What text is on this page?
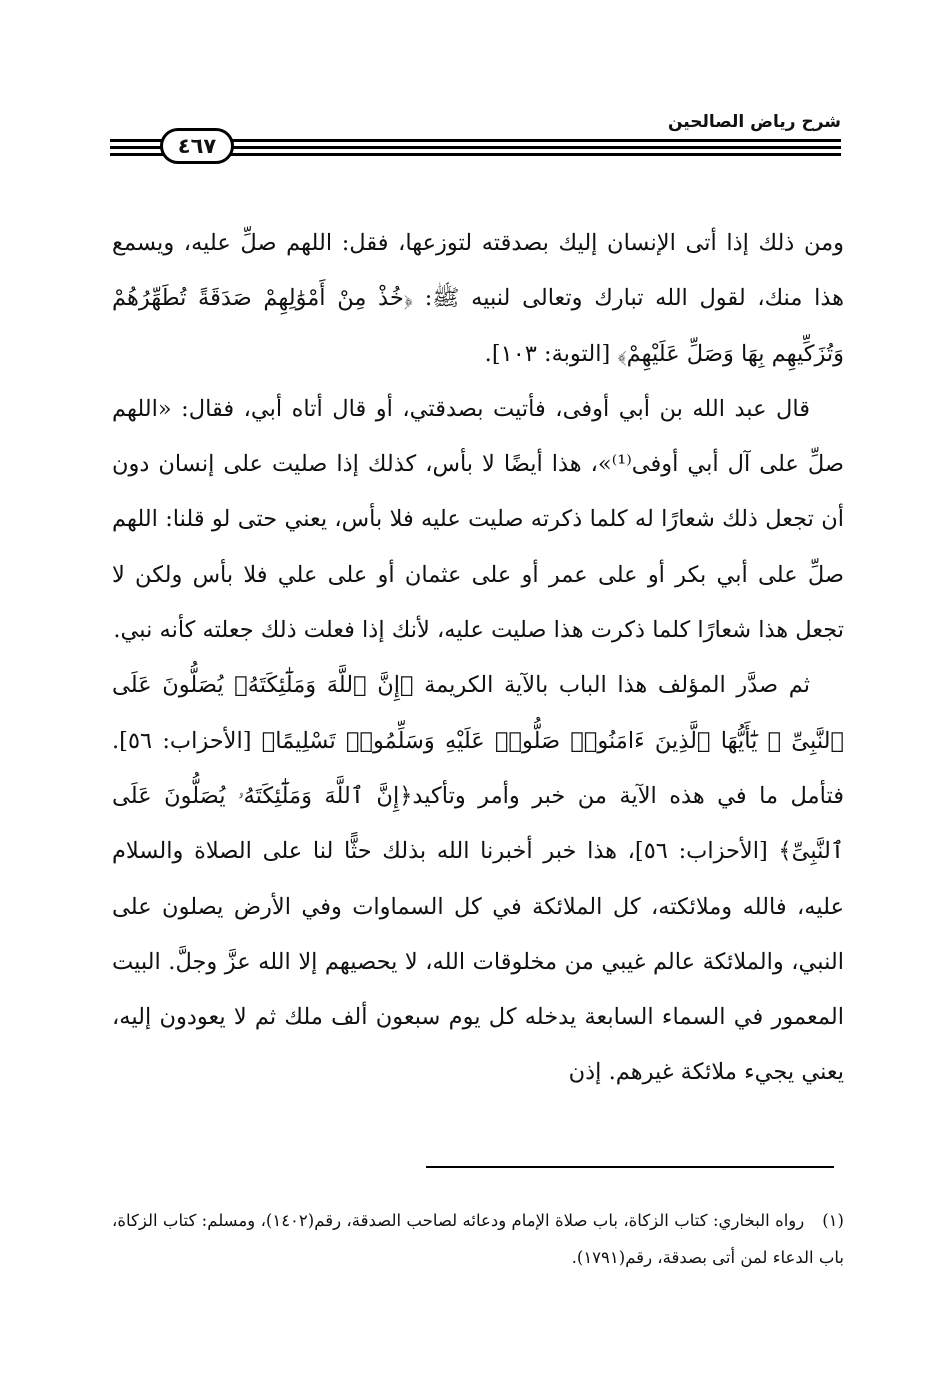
شرح رياض الصالحين
٤٦٧

ومن ذلك إذا أتى الإنسان إليك بصدقته لتوزعها، فقل: اللهم صلِّ عليه، ويسمع هذا منك، لقول الله تبارك وتعالى لنبيه ﷺ: ﴿خُذْ مِنْ أَمْوَٰلِهِمْ صَدَقَةً تُطَهِّرُهُمْ وَتُزَكِّيهِم بِهَا وَصَلِّ عَلَيْهِمْ﴾ [التوبة: ١٠٣].

قال عبد الله بن أبي أوفى، فأتيت بصدقتي، أو قال أتاه أبي، فقال: «اللهم صلِّ على آل أبي أوفى⁽¹⁾»، هذا أيضًا لا بأس، كذلك إذا صليت على إنسان دون أن تجعل ذلك شعارًا له كلما ذكرته صليت عليه فلا بأس، يعني حتى لو قلنا: اللهم صلِّ على أبي بكر أو على عمر أو على عثمان أو على علي فلا بأس ولكن لا تجعل هذا شعارًا كلما ذكرت هذا صليت عليه، لأنك إذا فعلت ذلك جعلته كأنه نبي.

ثم صدَّر المؤلف هذا الباب بالآية الكريمة ﴿إِنَّ ٱللَّهَ وَمَلَٰٓئِكَتَهُۥ يُصَلُّونَ عَلَى ٱلنَّبِىِّ ۚ يَٰٓأَيُّهَا ٱلَّذِينَ ءَامَنُوا۟ صَلُّوا۟ عَلَيْهِ وَسَلِّمُوا۟ تَسْلِيمًا﴾ [الأحزاب: ٥٦]. فتأمل ما في هذه الآية من خبر وأمر وتأكيد﴿إِنَّ ٱللَّهَ وَمَلَٰٓئِكَتَهُۥ يُصَلُّونَ عَلَى ٱلنَّبِىِّ﴾ [الأحزاب: ٥٦]، هذا خبر أخبرنا الله بذلك حثًّا لنا على الصلاة والسلام عليه، فالله وملائكته، كل الملائكة في كل السماوات وفي الأرض يصلون على النبي، والملائكة عالم غيبي من مخلوقات الله، لا يحصيهم إلا الله عزَّ وجلَّ. البيت المعمور في السماء السابعة يدخله كل يوم سبعون ألف ملك ثم لا يعودون إليه، يعني يجيء ملائكة غيرهم. إذن

(١)رواه البخاري: كتاب الزكاة، باب صلاة الإمام ودعائه لصاحب الصدقة، رقم(١٤٠٢)، ومسلم: كتاب الزكاة، باب الدعاء لمن أتى بصدقة، رقم(١٧٩١).
